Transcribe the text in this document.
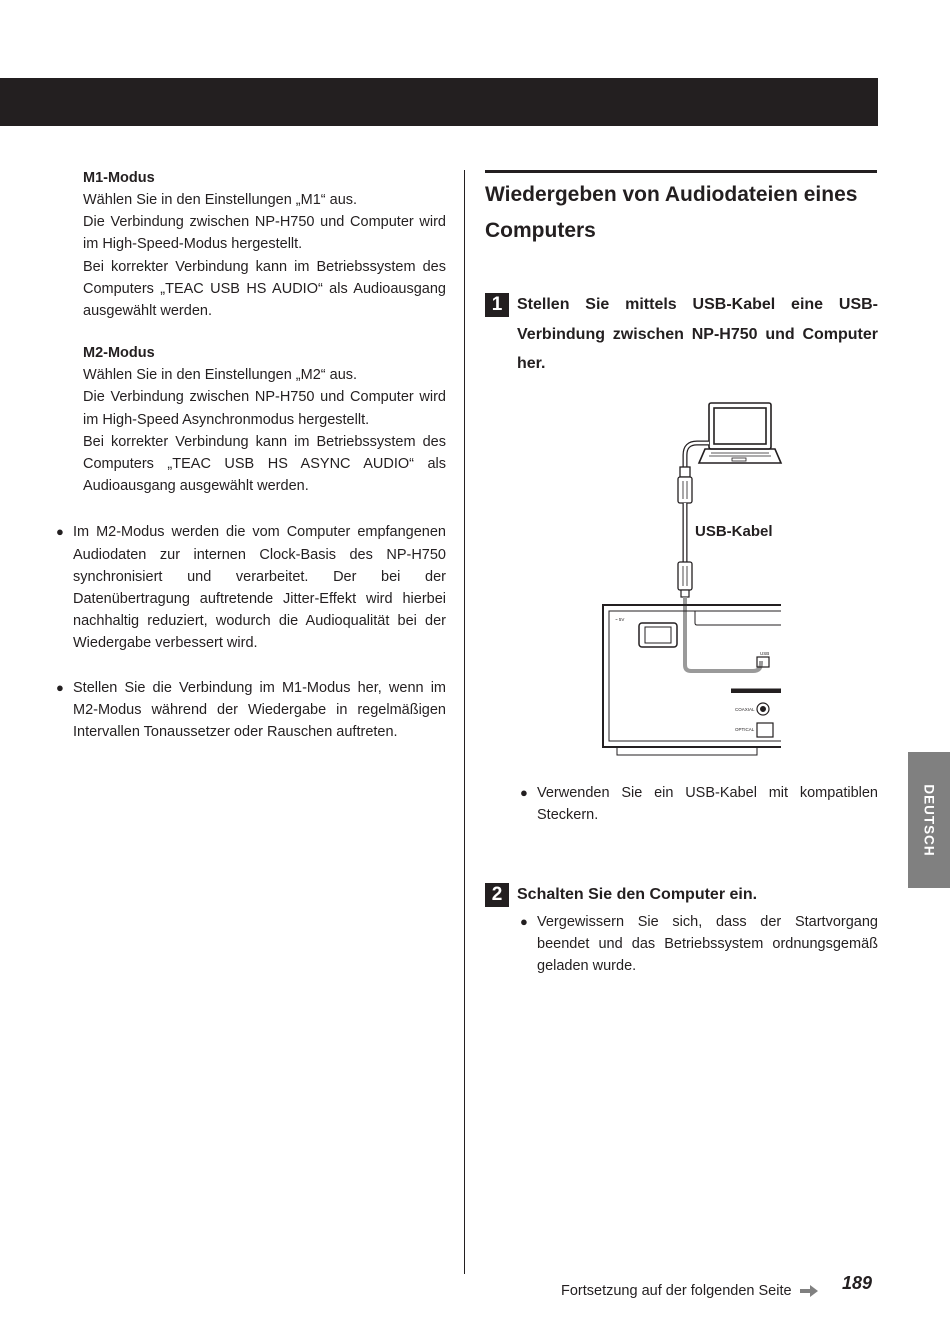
M1-Modus
Wählen Sie in den Einstellungen „M1“ aus.
Die Verbindung zwischen NP-H750 und Computer wird im High-Speed-Modus hergestellt.
Bei korrekter Verbindung kann im Betriebssystem des Computers „TEAC USB HS AUDIO“ als Audioausgang ausgewählt werden.
M2-Modus
Wählen Sie in den Einstellungen „M2“ aus.
Die Verbindung zwischen NP-H750 und Computer wird im High-Speed Asynchronmodus hergestellt.
Bei korrekter Verbindung kann im Betriebssystem des Computers „TEAC USB HS ASYNC AUDIO“ als Audioausgang ausgewählt werden.
● Im M2-Modus werden die vom Computer empfangenen Audiodaten zur internen Clock-Basis des NP-H750 synchronisiert und verarbeitet. Der bei der Datenübertragung auftretende Jitter-Effekt wird hierbei nachhaltig reduziert, wodurch die Audioqualität bei der Wiedergabe verbessert wird.
● Stellen Sie die Verbindung im M1-Modus her, wenn im M2-Modus während der Wiedergabe in regelmäßigen Intervallen Tonaussetzer oder Rauschen auftreten.
Wiedergeben von Audiodateien eines Computers
1 Stellen Sie mittels USB-Kabel eine USB-Verbindung zwischen NP-H750 und Computer her.
~ 5V
USB
DIGITAL IN
COAXIAL
OPTICAL
USB-Kabel
● Verwenden Sie ein USB-Kabel mit kompatiblen Steckern.
2 Schalten Sie den Computer ein.
● Vergewissern Sie sich, dass der Startvorgang beendet und das Betriebssystem ordnungsgemäß geladen wurde.
DEUTSCH
Fortsetzung auf der folgenden Seite	189
